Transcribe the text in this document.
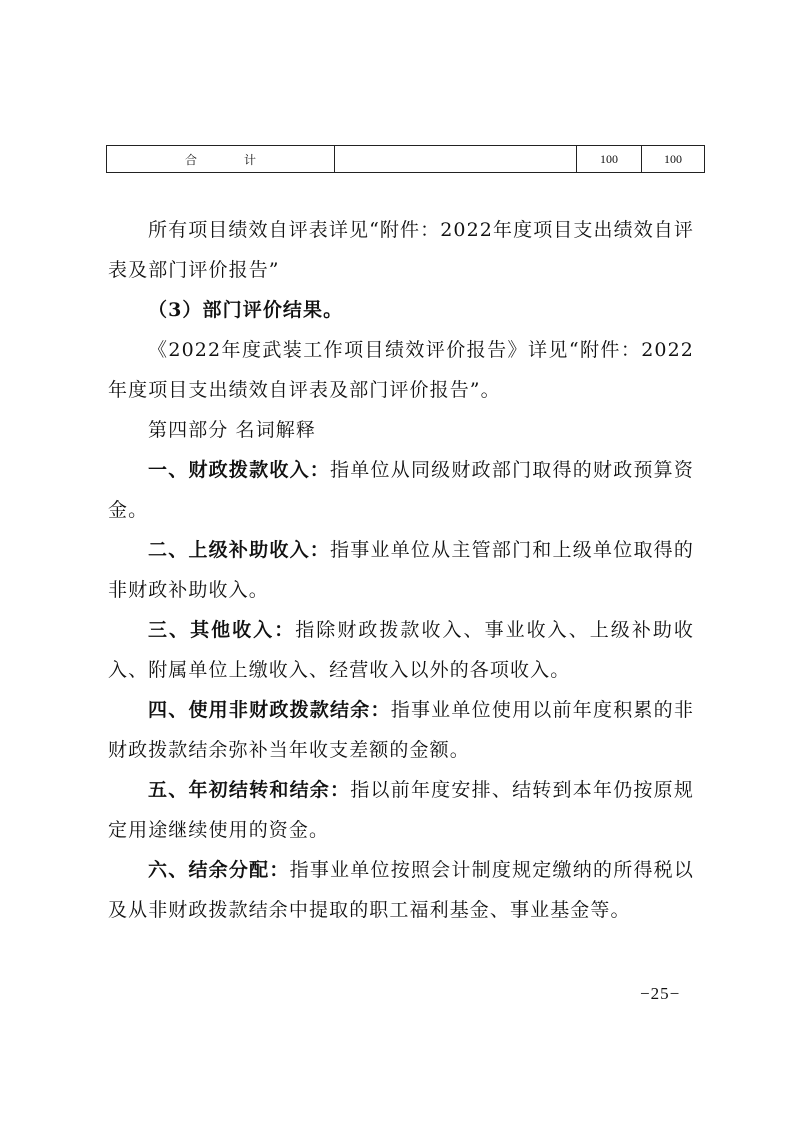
合 计		100	100

所有项目绩效自评表详见“附件：2022年度项目支出绩效自评表及部门评价报告”

（3）部门评价结果。

《2022年度武装工作项目绩效评价报告》详见“附件：2022年度项目支出绩效自评表及部门评价报告”。

第四部分 名词解释

一、财政拨款收入：指单位从同级财政部门取得的财政预算资金。

二、上级补助收入：指事业单位从主管部门和上级单位取得的非财政补助收入。

三、其他收入：指除财政拨款收入、事业收入、上级补助收入、附属单位上缴收入、经营收入以外的各项收入。

四、使用非财政拨款结余：指事业单位使用以前年度积累的非财政拨款结余弥补当年收支差额的金额。

五、年初结转和结余：指以前年度安排、结转到本年仍按原规定用途继续使用的资金。

六、结余分配：指事业单位按照会计制度规定缴纳的所得税以及从非财政拨款结余中提取的职工福利基金、事业基金等。

−25−
